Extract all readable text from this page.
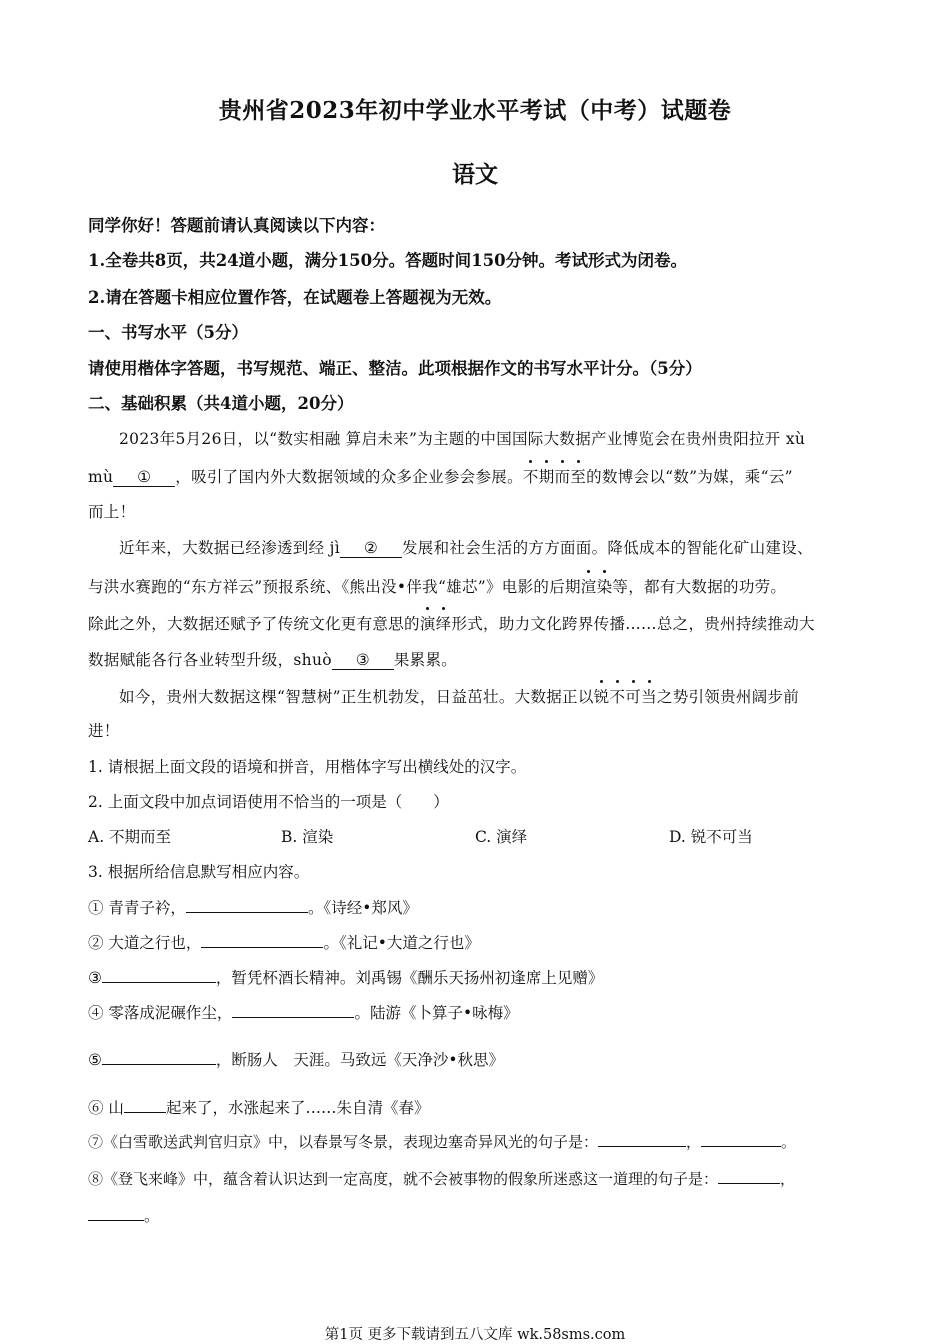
贵州省2023年初中学业水平考试（中考）试题卷
语文
同学你好！答题前请认真阅读以下内容：
1.全卷共8页，共24道小题，满分150分。答题时间150分钟。考试形式为闭卷。
2.请在答题卡相应位置作答，在试题卷上答题视为无效。
一、书写水平（5分）
请使用楷体字答题，书写规范、端正、整洁。此项根据作文的书写水平计分。（5分）
二、基础积累（共4道小题，20分）
2023年5月26日，以“数实相融 算启未来”为主题的中国国际大数据产业博览会在贵州贵阳拉开 xù
mù ① ，吸引了国内外大数据领域的众多企业参会参展。不期而至的数博会以“数”为媒，乘“云”
而上！
近年来，大数据已经渗透到经 jì ② 发展和社会生活的方方面面。降低成本的智能化矿山建设、
与洪水赛跑的“东方祥云”预报系统、《熊出没•伴我“雄芯”》电影的后期渲染等，都有大数据的功劳。
除此之外，大数据还赋予了传统文化更有意思的演绎形式，助力文化跨界传播……总之，贵州持续推动大
数据赋能各行各业转型升级，shuò ③ 果累累。
如今，贵州大数据这棵“智慧树”正生机勃发，日益茁壮。大数据正以锐不可当之势引领贵州阔步前
进！
1. 请根据上面文段的语境和拼音，用楷体字写出横线处的汉字。
2. 上面文段中加点词语使用不恰当的一项是（　　）
A. 不期而至	B. 渲染	C. 演绎	D. 锐不可当
3. 根据所给信息默写相应内容。
① 青青子衿，	。《诗经•郑风》
② 大道之行也，	。《礼记•大道之行也》
③	，暂凭杯酒长精神。刘禹锡《酬乐天扬州初逢席上见赠》
④ 零落成泥碾作尘，	。陆游《卜算子•咏梅》
⑤	，断肠人　天涯。马致远《天净沙•秋思》
⑥ 山	起来了，水涨起来了……朱自清《春》
⑦《白雪歌送武判官归京》中，以春景写冬景，表现边塞奇异风光的句子是：	，	。
⑧《登飞来峰》中，蕴含着认识达到一定高度，就不会被事物的假象所迷惑这一道理的句子是：	，
。
第1页 更多下载请到五八文库 wk.58sms.com
